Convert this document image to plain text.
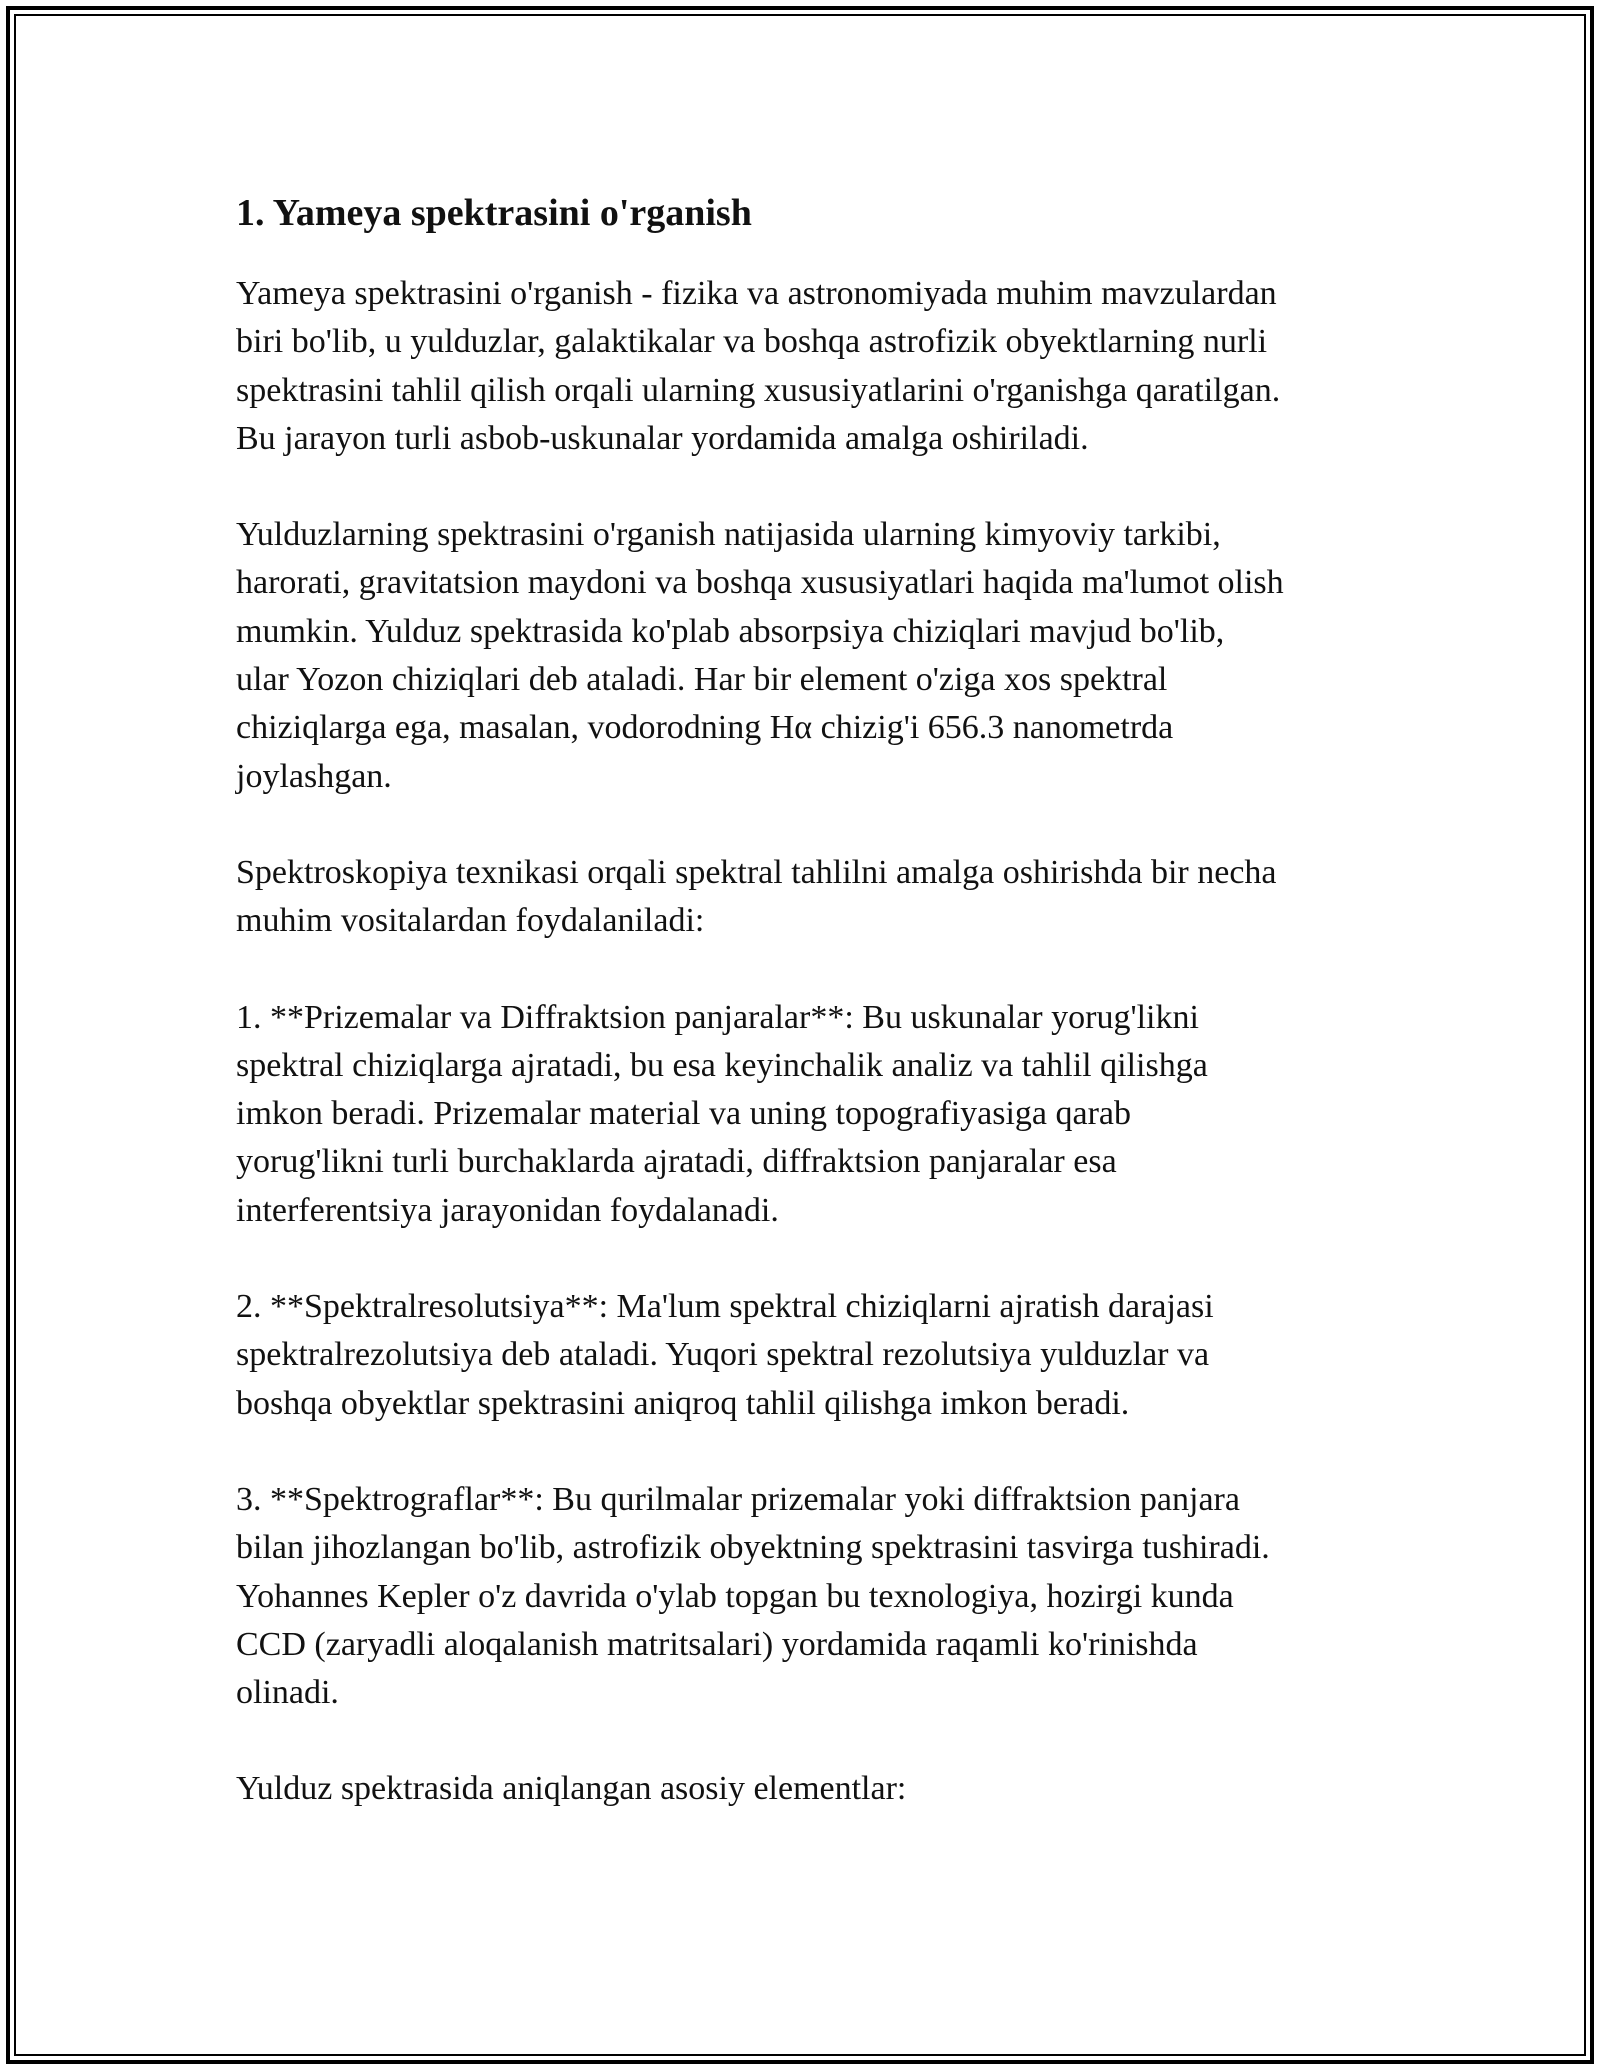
1. Yameya spektrasini o'rganish

Yameya spektrasini o'rganish - fizika va astronomiyada muhim mavzulardan
biri bo'lib, u yulduzlar, galaktikalar va boshqa astrofizik obyektlarning nurli
spektrasini tahlil qilish orqali ularning xususiyatlarini o'rganishga qaratilgan.
Bu jarayon turli asbob-uskunalar yordamida amalga oshiriladi.

Yulduzlarning spektrasini o'rganish natijasida ularning kimyoviy tarkibi,
harorati, gravitatsion maydoni va boshqa xususiyatlari haqida ma'lumot olish
mumkin. Yulduz spektrasida ko'plab absorpsiya chiziqlari mavjud bo'lib,
ular Yozon chiziqlari deb ataladi. Har bir element o'ziga xos spektral
chiziqlarga ega, masalan, vodorodning Hα chizig'i 656.3 nanometrda
joylashgan.

Spektroskopiya texnikasi orqali spektral tahlilni amalga oshirishda bir necha
muhim vositalardan foydalaniladi:

1. **Prizemalar va Diffraktsion panjaralar**: Bu uskunalar yorug'likni
spektral chiziqlarga ajratadi, bu esa keyinchalik analiz va tahlil qilishga
imkon beradi. Prizemalar material va uning topografiyasiga qarab
yorug'likni turli burchaklarda ajratadi, diffraktsion panjaralar esa
interferentsiya jarayonidan foydalanadi.

2. **Spektralresolutsiya**: Ma'lum spektral chiziqlarni ajratish darajasi
spektralrezolutsiya deb ataladi. Yuqori spektral rezolutsiya yulduzlar va
boshqa obyektlar spektrasini aniqroq tahlil qilishga imkon beradi.

3. **Spektrograflar**: Bu qurilmalar prizemalar yoki diffraktsion panjara
bilan jihozlangan bo'lib, astrofizik obyektning spektrasini tasvirga tushiradi.
Yohannes Kepler o'z davrida o'ylab topgan bu texnologiya, hozirgi kunda
CCD (zaryadli aloqalanish matritsalari) yordamida raqamli ko'rinishda
olinadi.

Yulduz spektrasida aniqlangan asosiy elementlar:
